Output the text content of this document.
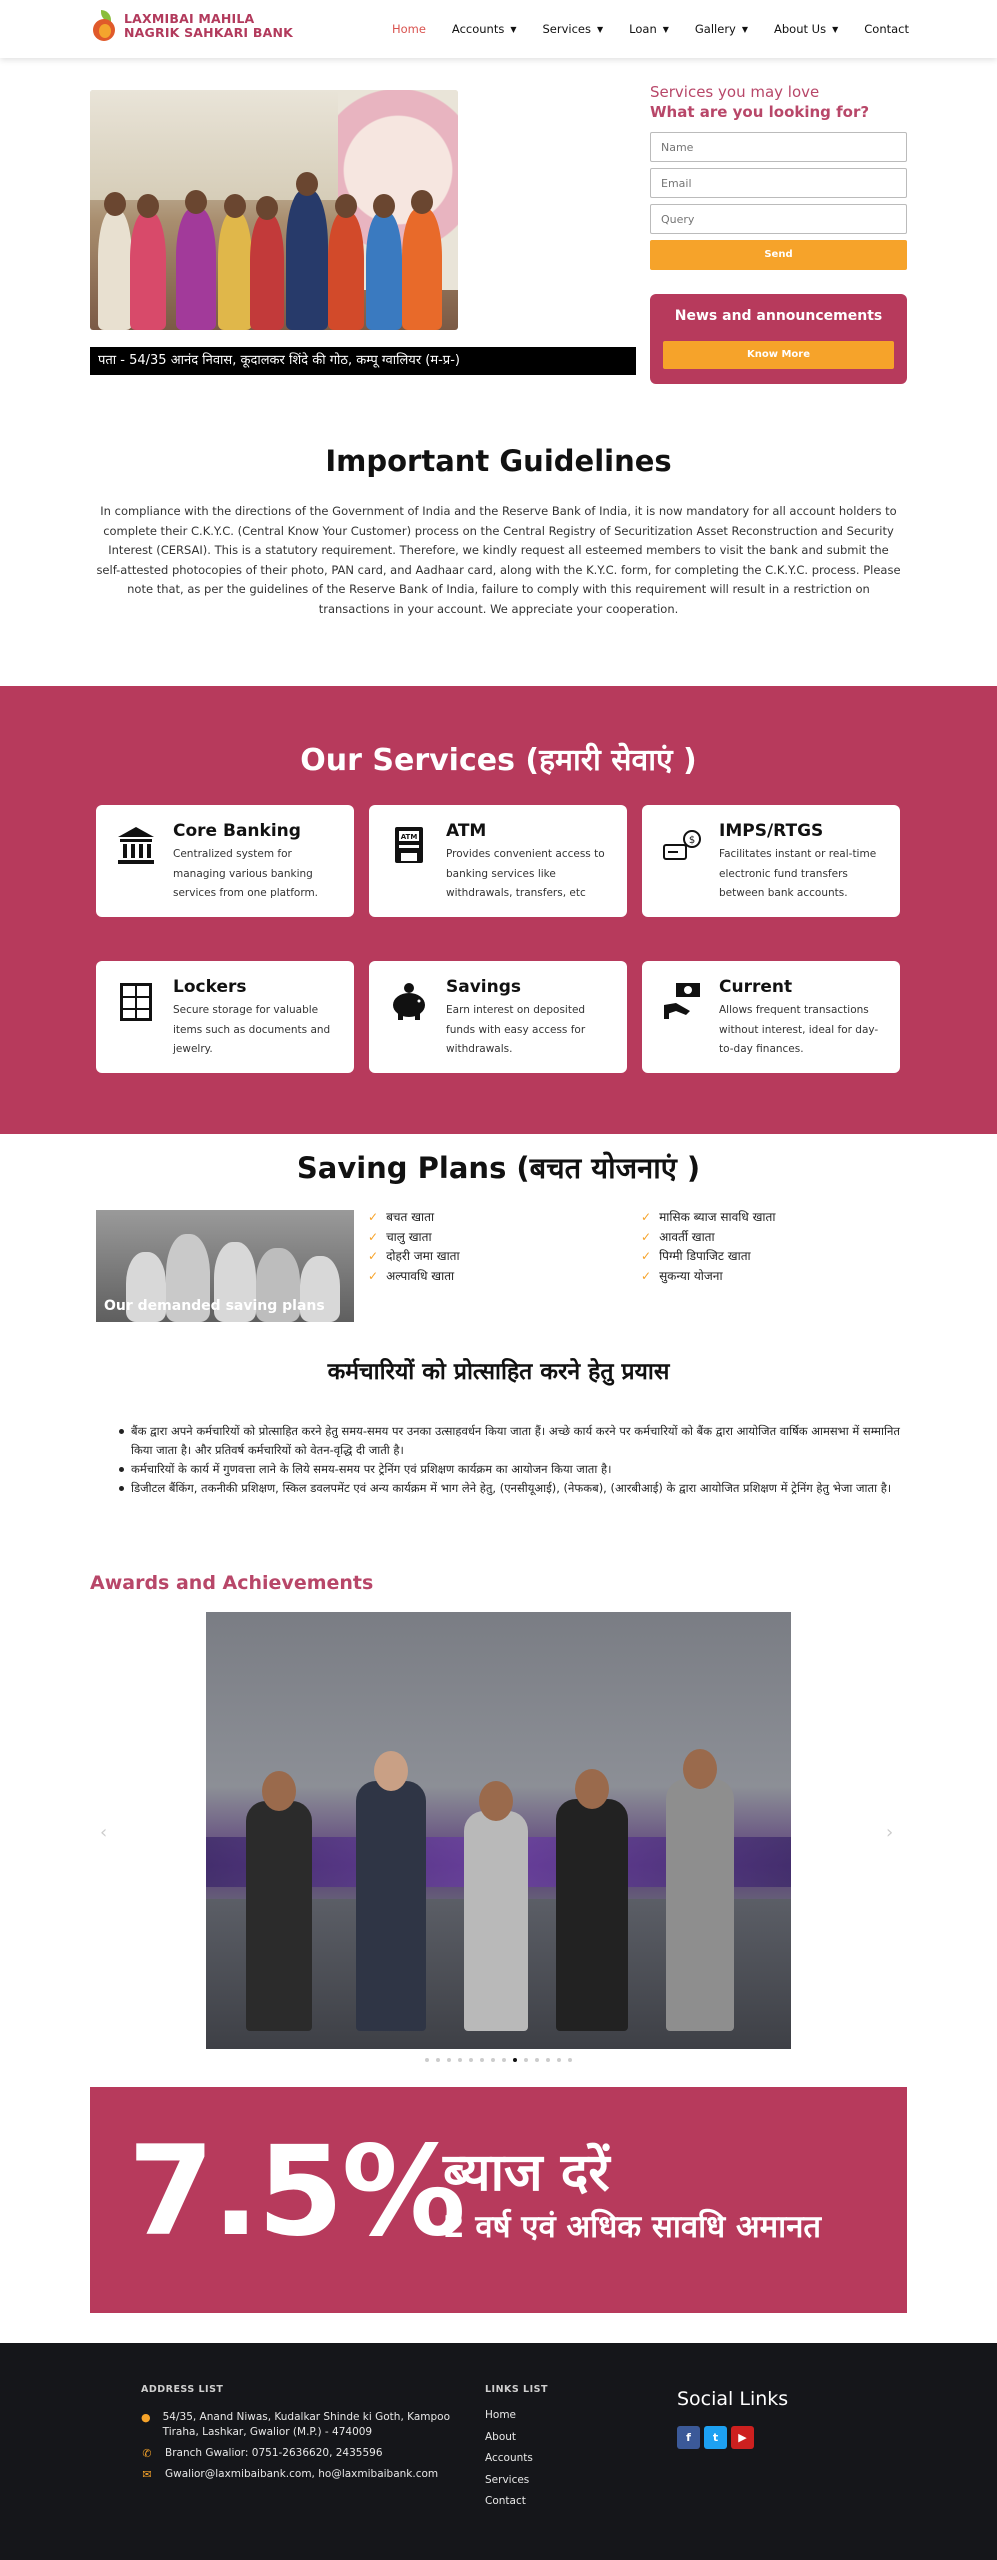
LAXMIBAI MAHILA
NAGRIK SAHKARI BANK	Home Accounts ▼ Services ▼ Loan ▼ Gallery ▼ About Us ▼ Contact
पता - 54/35 आनंद निवास, कूदालकर शिंदे की गोठ, कम्पू ग्वालियर (म-प्र-)
Services you may love
What are you looking for?
Name
Email
Query
Send
News and announcements
Know More
Important Guidelines
In compliance with the directions of the Government of India and the Reserve Bank of India, it is now mandatory for all account holders to complete their C.K.Y.C. (Central Know Your Customer) process on the Central Registry of Securitization Asset Reconstruction and Security Interest (CERSAI). This is a statutory requirement. Therefore, we kindly request all esteemed members to visit the bank and submit the self-attested photocopies of their photo, PAN card, and Aadhaar card, along with the K.Y.C. form, for completing the C.K.Y.C. process. Please note that, as per the guidelines of the Reserve Bank of India, failure to comply with this requirement will result in a restriction on transactions in your account. We appreciate your cooperation.
Our Services (हमारी सेवाएं )
Core Banking
Centralized system for managing various banking services from one platform.
ATM ATM
Provides convenient access to banking services like withdrawals, transfers, etc
$ IMPS/RTGS
Facilitates instant or real-time electronic fund transfers between bank accounts.
Lockers
Secure storage for valuable items such as documents and jewelry.
Savings
Earn interest on deposited funds with easy access for withdrawals.
Current
Allows frequent transactions without interest, ideal for day-to-day finances.
Saving Plans (बचत योजनाएं )
Our demanded saving plans
✓ बचत खाता
✓ चालु खाता
✓ दोहरी जमा खाता
✓ अल्पावधि खाता
✓ मासिक ब्याज सावधि खाता
✓ आवर्ती खाता
✓ पिग्मी डिपाजिट खाता
✓ सुकन्या योजना
कर्मचारियों को प्रोत्साहित करने हेतु प्रयास
बैंक द्वारा अपने कर्मचारियों को प्रोत्साहित करने हेतु समय-समय पर उनका उत्साहवर्धन किया जाता हैं। अच्छे कार्य करने पर कर्मचारियों को बैंक द्वारा आयोजित वार्षिक आमसभा में सम्मानित किया जाता है। और प्रतिवर्ष कर्मचारियों को वेतन-वृद्धि दी जाती है।
कर्मचारियों के कार्य में गुणवत्ता लाने के लिये समय-समय पर ट्रेनिंग एवं प्रशिक्षण कार्यक्रम का आयोजन किया जाता है।
डिजीटल बैंकिंग, तकनीकी प्रशिक्षण, स्किल डवलपमेंट एवं अन्य कार्यक्रम में भाग लेने हेतु, (एनसीयूआई), (नेफकब), (आरबीआई) के द्वारा आयोजित प्रशिक्षण में ट्रेनिंग हेतु भेजा जाता है।
Awards and Achievements
‹	›
7.5%
ब्याज दरें
2 वर्ष एवं अधिक सावधि अमानत
ADDRESS LIST
● 54/35, Anand Niwas, Kudalkar Shinde ki Goth, Kampoo Tiraha, Lashkar, Gwalior (M.P.) - 474009
✆ Branch Gwalior: 0751-2636620, 2435596
✉ Gwalior@laxmibaibank.com, ho@laxmibaibank.com
LINKS LIST
Home
About
Accounts
Services
Contact
Social Links
f	t	▶
